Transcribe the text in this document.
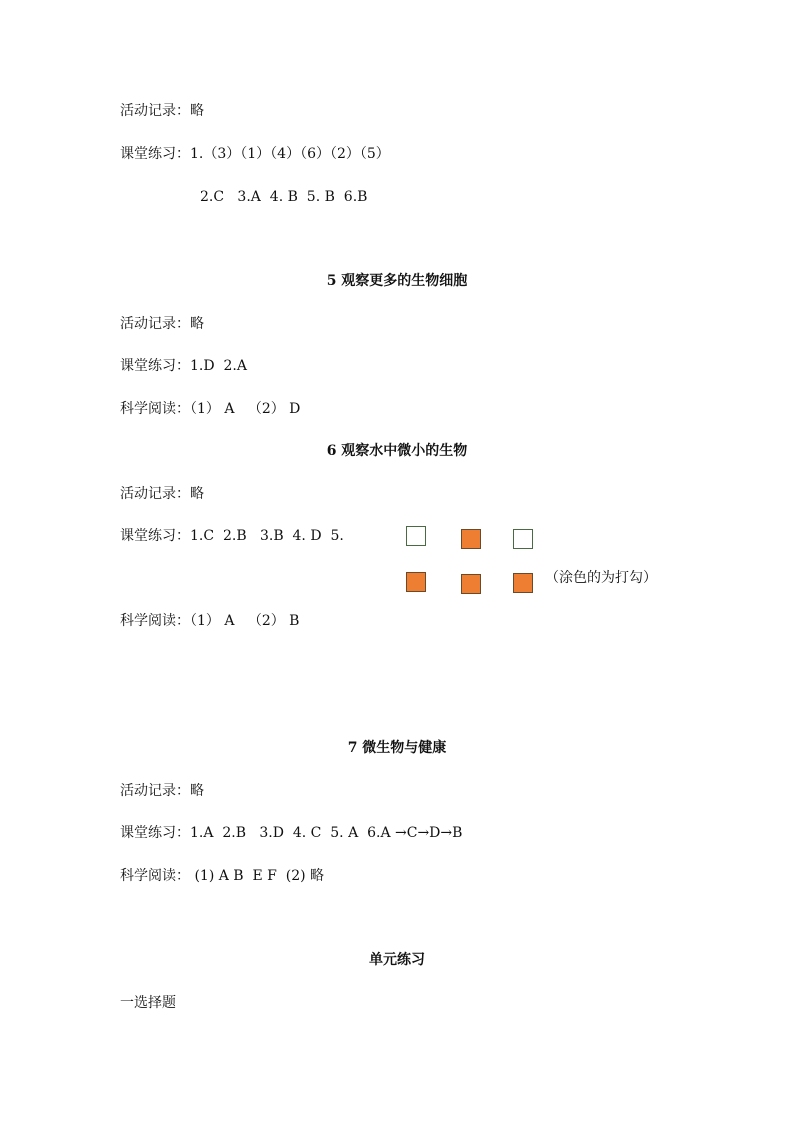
活动记录：略
课堂练习：1.（3）（1）（4）（6）（2）（5）
2.C   3.A  4. B  5. B  6.B
5 观察更多的生物细胞
活动记录：略
课堂练习：1.D  2.A
科学阅读：（1） A   （2） D
6 观察水中微小的生物
活动记录：略
课堂练习：1.C  2.B   3.B  4. D  5.
（涂色的为打勾）
科学阅读：（1） A   （2） B
7 微生物与健康
活动记录：略
课堂练习：1.A  2.B   3.D  4. C  5. A  6.A →C→D→B
科学阅读： (1) A B  E F  (2) 略
单元练习
一选择题
